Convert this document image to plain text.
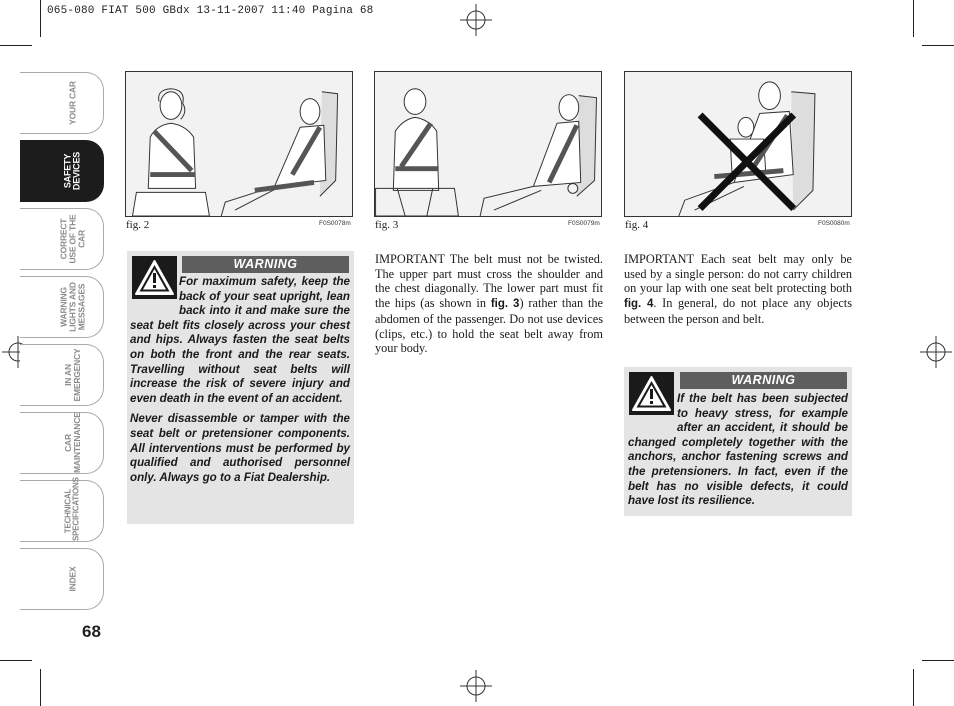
065-080 FIAT 500 GBdx 13-11-2007 11:40 Pagina 68
YOUR CAR
SAFETY DEVICES
CORRECT USE OF THE CAR
WARNING LIGHTS AND MESSAGES
IN AN EMERGENCY
CAR MAINTENANCE
TECHNICAL SPECIFICATIONS
INDEX
68
fig. 2	F0S0078m fig. 3	F0S0079m fig. 4	F0S0080m
WARNING

For maximum safety, keep the back of your seat upright, lean back into it and make sure the seat belt fits closely across your chest and hips. Always fasten the seat belts on both the front and the rear seats. Travelling without seat belts will increase the risk of severe injury and even death in the event of an accident.

Never disassemble or tamper with the seat belt or pretensioner components. All interventions must be performed by qualified and authorised personnel only. Always go to a Fiat Dealership.

IMPORTANT The belt must not be twisted. The upper part must cross the shoulder and the chest diagonally. The lower part must fit the hips (as shown in fig. 3) rather than the abdomen of the passenger. Do not use devices (clips, etc.) to hold the seat belt away from your body.
IMPORTANT Each seat belt may only be used by a single person: do not carry children on your lap with one seat belt protecting both fig. 4. In general, do not place any objects between the person and belt.
WARNING

If the belt has been subjected to heavy stress, for example after an accident, it should be changed completely together with the anchors, anchor fastening screws and the pretensioners. In fact, even if the belt has no visible defects, it could have lost its resilience.
